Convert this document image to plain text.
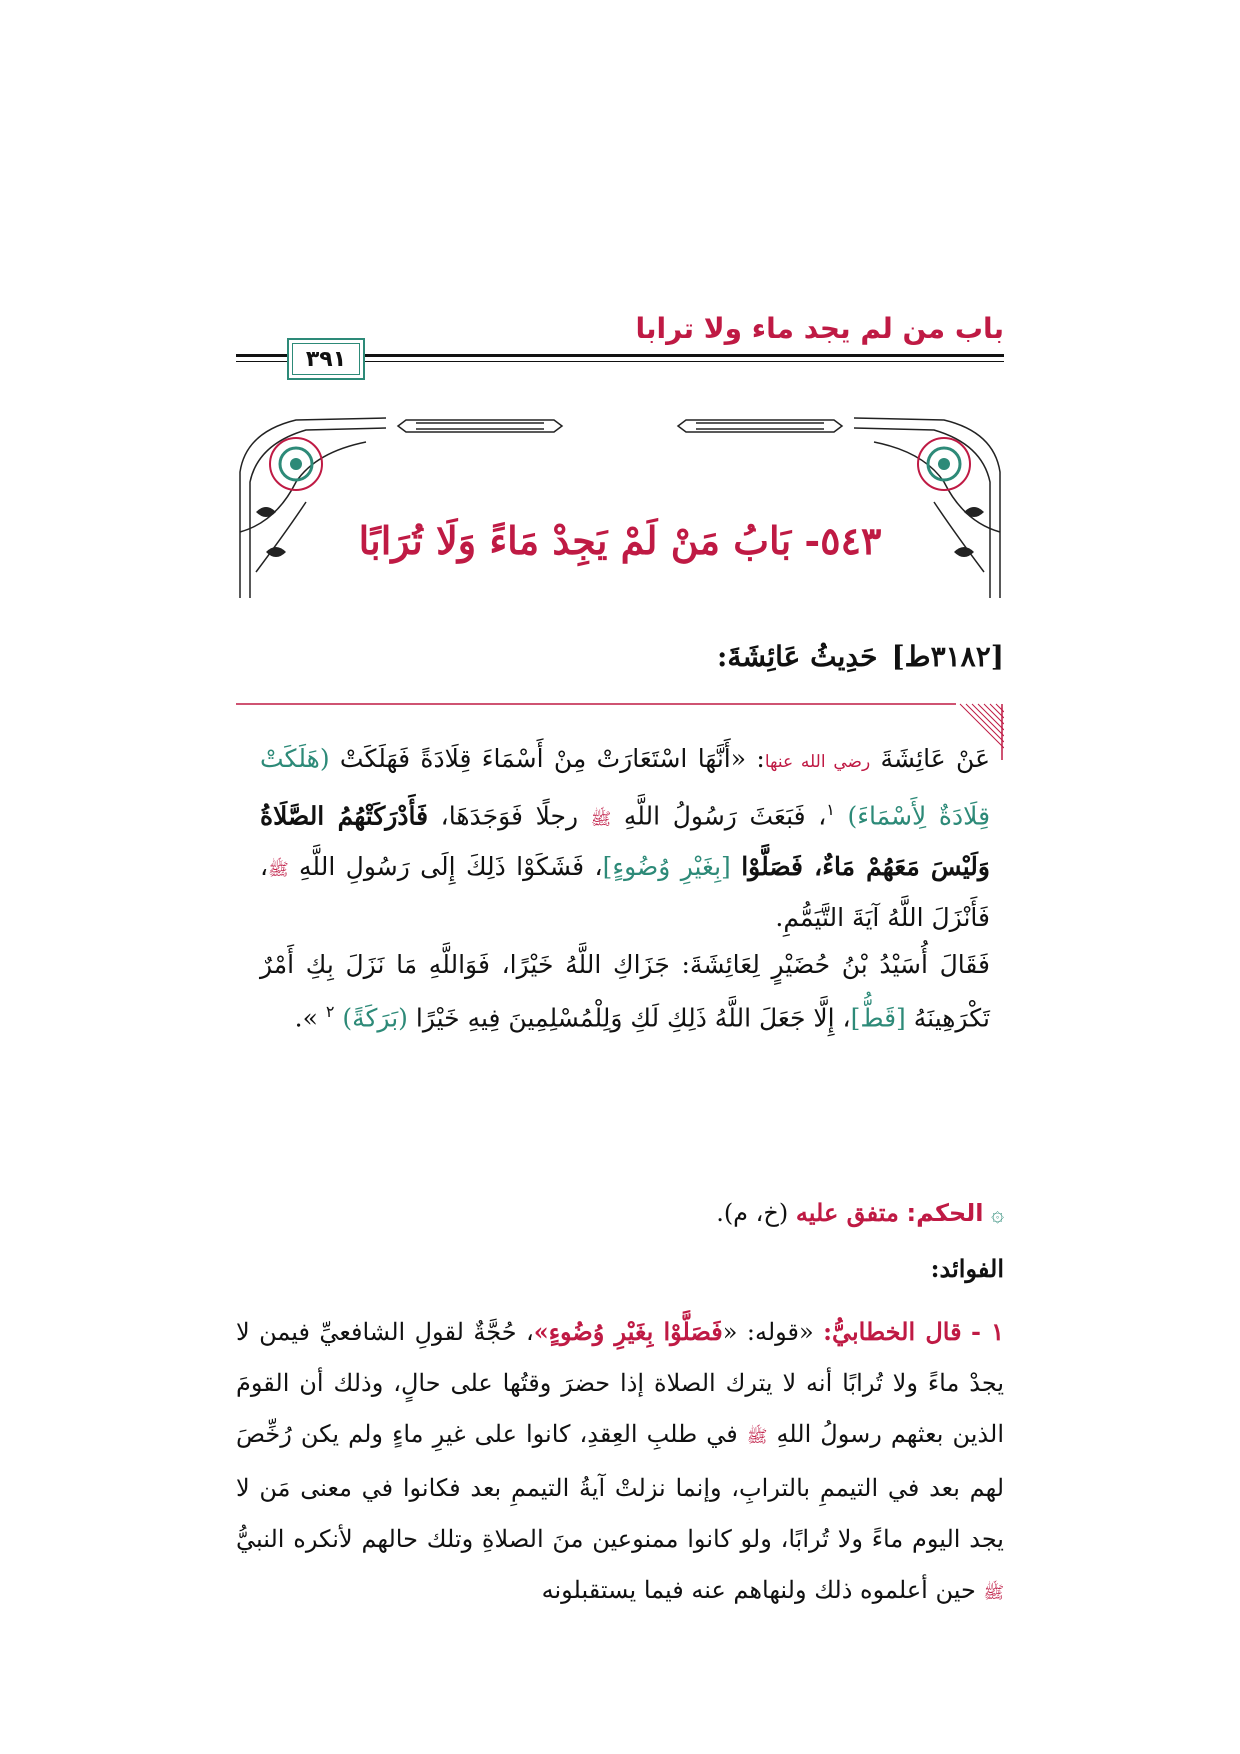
باب من لم يجد ماء ولا ترابا
٣٩١
٥٤٣- بَابُ مَنْ لَمْ يَجِدْ مَاءً وَلَا تُرَابًا
[٣١٨٢ط]حَدِيثُ عَائِشَةَ:

عَنْ عَائِشَةَ رضي الله عنها: «أَنَّهَا اسْتَعَارَتْ مِنْ أَسْمَاءَ قِلَادَةً فَهَلَكَتْ (هَلَكَتْ قِلَادَةٌ لِأَسْمَاءَ) $^١$، فَبَعَثَ رَسُولُ اللَّهِ ﷺ رجلًا فَوَجَدَهَا، فَأَدْرَكَتْهُمُ الصَّلَاةُ وَلَيْسَ مَعَهُمْ مَاءٌ، فَصَلَّوْا [بِغَيْرِ وُضُوءٍ]، فَشَكَوْا ذَلِكَ إِلَى رَسُولِ اللَّهِ ﷺ، فَأَنْزَلَ اللَّهُ آيَةَ التَّيَمُّمِ.

فَقَالَ أُسَيْدُ بْنُ حُضَيْرٍ لِعَائِشَةَ: جَزَاكِ اللَّهُ خَيْرًا، فَوَاللَّهِ مَا نَزَلَ بِكِ أَمْرٌ تَكْرَهِينَهُ [قَطُّ]، إِلَّا جَعَلَ اللَّهُ ذَلِكِ لَكِ وَلِلْمُسْلِمِينَ فِيهِ خَيْرًا (بَرَكَةً) $^٢$ ».

۞ الحكم: متفق عليه (خ، م).

الفوائد:

١ - قال الخطابيُّ: «قوله: «فَصَلَّوْا بِغَيْرِ وُضُوءٍ»، حُجَّةٌ لقولِ الشافعيِّ فيمن لا يجدْ ماءً ولا تُرابًا أنه لا يترك الصلاة إذا حضرَ وقتُها على حالٍ، وذلك أن القومَ الذين بعثهم رسولُ اللهِ ﷺ في طلبِ العِقدِ، كانوا على غيرِ ماءٍ ولم يكن رُخِّصَ لهم بعد في التيممِ بالترابِ، وإنما نزلتْ آيةُ التيممِ بعد فكانوا في معنى مَن لا يجد اليوم ماءً ولا تُرابًا، ولو كانوا ممنوعين منَ الصلاةِ وتلك حالهم لأنكره النبيُّ ﷺ حين أعلموه ذلك ولنهاهم عنه فيما يستقبلونه
